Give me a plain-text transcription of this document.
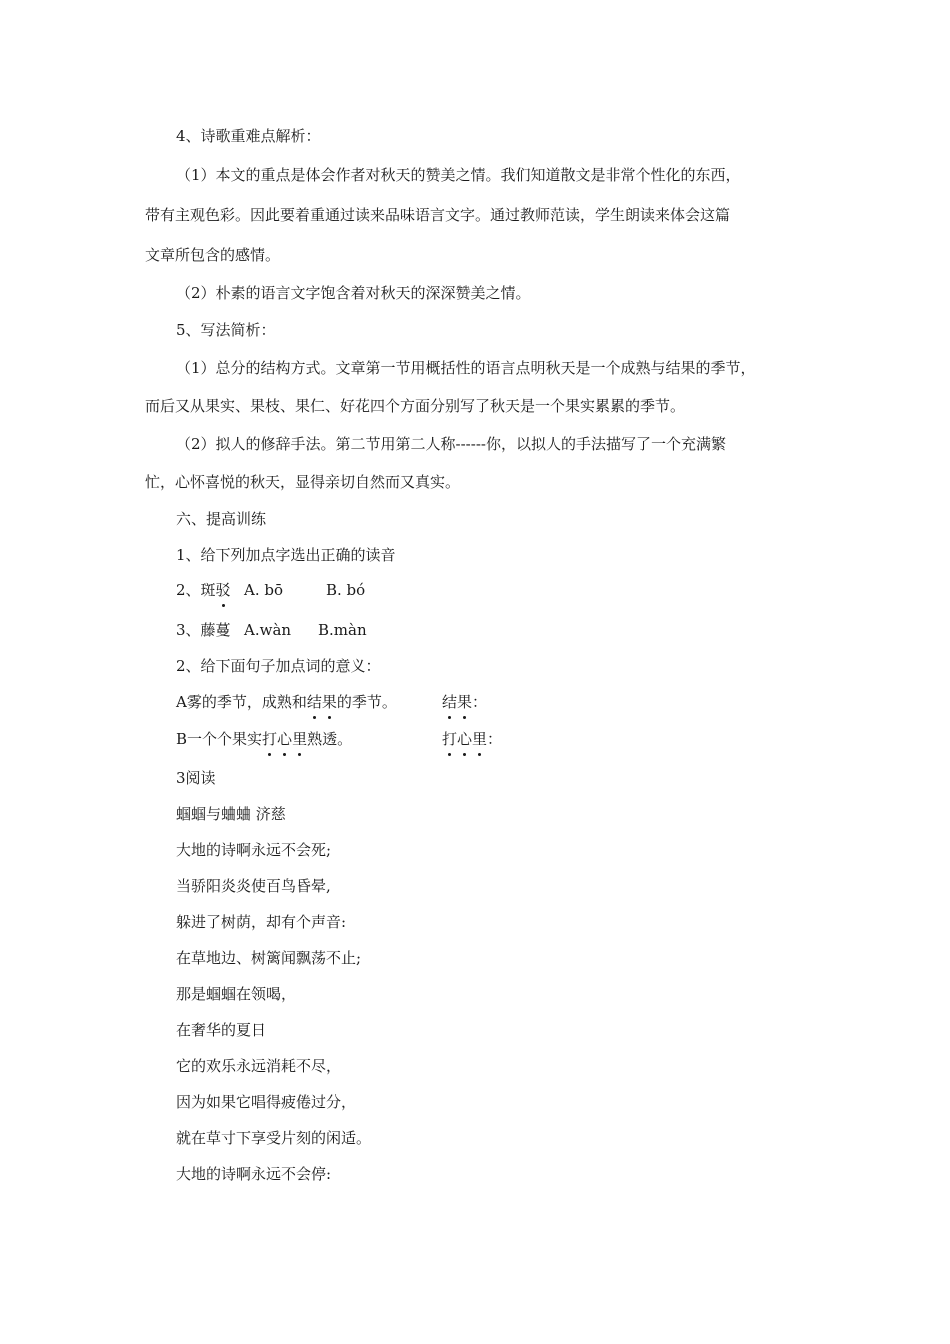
4、诗歌重难点解析：
（1）本文的重点是体会作者对秋天的赞美之情。我们知道散文是非常个性化的东西，
带有主观色彩。因此要着重通过读来品味语言文字。通过教师范读，学生朗读来体会这篇
文章所包含的感情。
（2）朴素的语言文字饱含着对秋天的深深赞美之情。
5、写法简析：
（1）总分的结构方式。文章第一节用概括性的语言点明秋天是一个成熟与结果的季节，
而后又从果实、果枝、果仁、好花四个方面分别写了秋天是一个果实累累的季节。
（2）拟人的修辞手法。第二节用第二人称------你，以拟人的手法描写了一个充满繁
忙，心怀喜悦的秋天，显得亲切自然而又真实。
六、提高训练
1、给下列加点字选出正确的读音
2、斑驳 A. bō	B. bó
3、藤蔓 A.wàn B.màn
2、给下面句子加点词的意义：
A雾的季节，成熟和结果的季节。	结果：
B一个个果实打心里熟透。	打心里：
3阅读
蝈蝈与蛐蛐 济慈
大地的诗啊永远不会死;
当骄阳炎炎使百鸟昏晕,
躲进了树荫，却有个声音:
在草地边、树篱闻飘荡不止;
那是蝈蝈在领喝，
在奢华的夏日
它的欢乐永远消耗不尽，
因为如果它唱得疲倦过分，
就在草寸下享受片刻的闲适。
大地的诗啊永远不会停:
